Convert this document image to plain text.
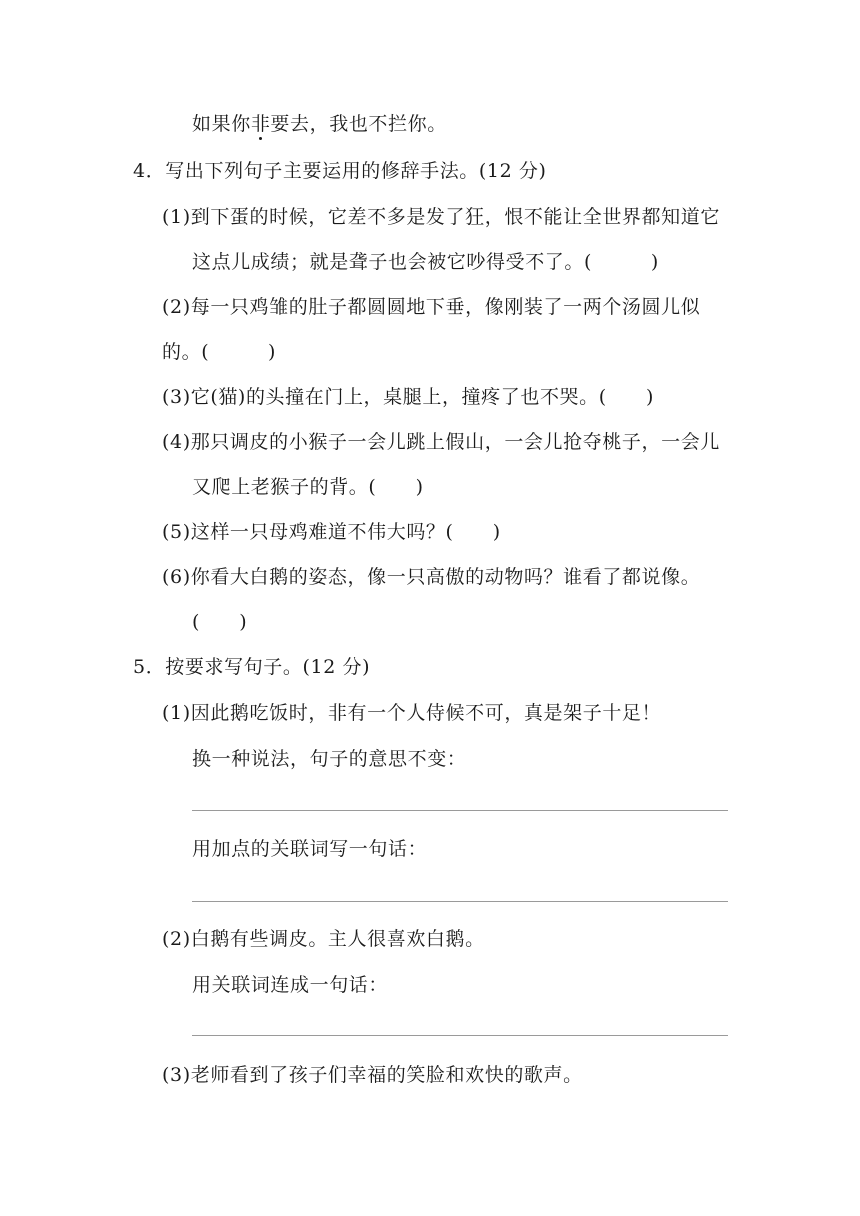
如果你非要去，我也不拦你。
4．写出下列句子主要运用的修辞手法。(12 分)
(1)到下蛋的时候，它差不多是发了狂，恨不能让全世界都知道它
这点儿成绩；就是聋子也会被它吵得受不了。(　　　)
(2)每一只鸡雏的肚子都圆圆地下垂，像刚装了一两个汤圆儿似
的。(　　　)
(3)它(猫)的头撞在门上，桌腿上，撞疼了也不哭。(　　)
(4)那只调皮的小猴子一会儿跳上假山，一会儿抢夺桃子，一会儿
又爬上老猴子的背。(　　)
(5)这样一只母鸡难道不伟大吗？(　　)
(6)你看大白鹅的姿态，像一只高傲的动物吗？谁看了都说像。
(　　)
5．按要求写句子。(12 分)
(1)因此鹅吃饭时，非有一个人侍候不可，真是架子十足！
换一种说法，句子的意思不变：
用加点的关联词写一句话：
(2)白鹅有些调皮。主人很喜欢白鹅。
用关联词连成一句话：
(3)老师看到了孩子们幸福的笑脸和欢快的歌声。
